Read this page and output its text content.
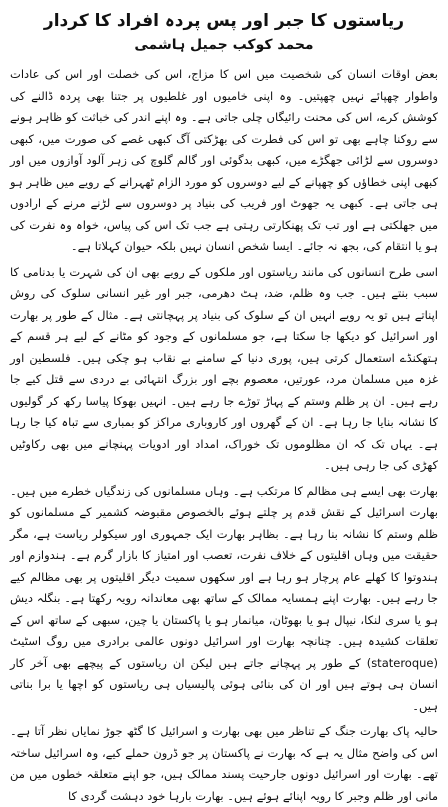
ریاستوں کا جبر اور پس پردہ افراد کا کردار
محمد کوکب جمیل ہاشمی

بعض اوقات انسان کی شخصیت میں اس کا مزاج، اس کی خصلت اور اس کی عادات واطوار چھپائے نہیں چھپتیں۔ وہ اپنی خامیوں اور غلطیوں پر جتنا بھی پردہ ڈالنے کی کوشش کرے، اس کی محنت رائیگاں چلی جاتی ہے۔ وہ اپنے اندر کی خباثت کو ظاہر ہونے سے روکنا چاہے بھی تو اس کی فطرت کی بھڑکتی آگ کبھی غصے کی صورت میں، کبھی دوسروں سے لڑائی جھگڑے میں، کبھی بدگوئی اور گالم گلوچ کی زہر آلود آوازوں میں اور کبھی اپنی خطاؤں کو چھپانے کے لیے دوسروں کو مورد الزام ٹھہرانے کے رویے میں ظاہر ہو ہی جاتی ہے۔ کبھی یہ جھوٹ اور فریب کی بنیاد پر دوسروں سے لڑنے مرنے کے ارادوں میں جھلکتی ہے اور تب تک پھنکارتی رہتی ہے جب تک اس کی پیاس، خواہ وہ نفرت کی ہو یا انتقام کی، بجھ نہ جائے۔ ایسا شخص انسان نہیں بلکہ حیوان کہلاتا ہے۔

اسی طرح انسانوں کی مانند ریاستوں اور ملکوں کے رویے بھی ان کی شہرت یا بدنامی کا سبب بنتے ہیں۔ جب وہ ظلم، ضد، ہٹ دھرمی، جبر اور غیر انسانی سلوک کی روش اپناتے ہیں تو یہ رویے انہیں ان کے سلوک کی بنیاد پر پہچانتی ہے۔ مثال کے طور پر بھارت اور اسرائیل کو دیکھا جا سکتا ہے، جو مسلمانوں کے وجود کو مٹانے کے لیے ہر قسم کے ہتھکنڈے استعمال کرتی ہیں، پوری دنیا کے سامنے بے نقاب ہو چکی ہیں۔ فلسطین اور غزہ میں مسلمان مرد، عورتیں، معصوم بچے اور بزرگ انتہائی بے دردی سے قتل کیے جا رہے ہیں۔ ان پر ظلم وستم کے پہاڑ توڑے جا رہے ہیں۔ انہیں بھوکا پیاسا رکھ کر گولیوں کا نشانہ بنایا جا رہا ہے۔ ان کے گھروں اور کاروباری مراکز کو بمباری سے تباہ کیا جا رہا ہے۔ یہاں تک کہ ان مظلوموں تک خوراک، امداد اور ادویات پہنچانے میں بھی رکاوٹیں کھڑی کی جا رہی ہیں۔

بھارت بھی ایسے ہی مظالم کا مرتکب ہے۔ وہاں مسلمانوں کی زندگیاں خطرے میں ہیں۔ بھارت اسرائیل کے نقش قدم پر چلتے ہوئے بالخصوص مقبوضہ کشمیر کے مسلمانوں کو ظلم وستم کا نشانہ بنا رہا ہے۔ بظاہر بھارت ایک جمہوری اور سیکولر ریاست ہے، مگر حقیقت میں وہاں اقلیتوں کے خلاف نفرت، تعصب اور امتیاز کا بازار گرم ہے۔ ہندوازم اور ہندوتوا کا کھلے عام پرچار ہو رہا ہے اور سکھوں سمیت دیگر اقلیتوں پر بھی مظالم کیے جا رہے ہیں۔ بھارت اپنے ہمسایہ ممالک کے ساتھ بھی معاندانہ رویہ رکھتا ہے۔ بنگلہ دیش ہو یا سری لنکا، نیپال ہو یا بھوٹان، میانمار ہو یا پاکستان یا چین، سبھی کے ساتھ اس کے تعلقات کشیدہ ہیں۔ چنانچہ بھارت اور اسرائیل دونوں عالمی برادری میں روگ اسٹیٹ (stateroque) کے طور پر پہچانے جاتے ہیں لیکن ان ریاستوں کے پیچھے بھی آخر کار انسان ہی ہوتے ہیں اور ان کی بنائی ہوئی پالیسیاں ہی ریاستوں کو اچھا یا برا بناتی ہیں۔

حالیہ پاک بھارت جنگ کے تناظر میں بھی بھارت و اسرائیل کا گٹھ جوڑ نمایاں نظر آتا ہے۔ اس کی واضح مثال یہ ہے کہ بھارت نے پاکستان پر جو ڈرون حملے کیے، وہ اسرائیل ساختہ تھے۔ بھارت اور اسرائیل دونوں جارحیت پسند ممالک ہیں، جو اپنے متعلقہ خطوں میں من مانی اور ظلم وجبر کا رویہ اپنائے ہوئے ہیں۔ بھارت بارہا خود دہشت گردی کا
